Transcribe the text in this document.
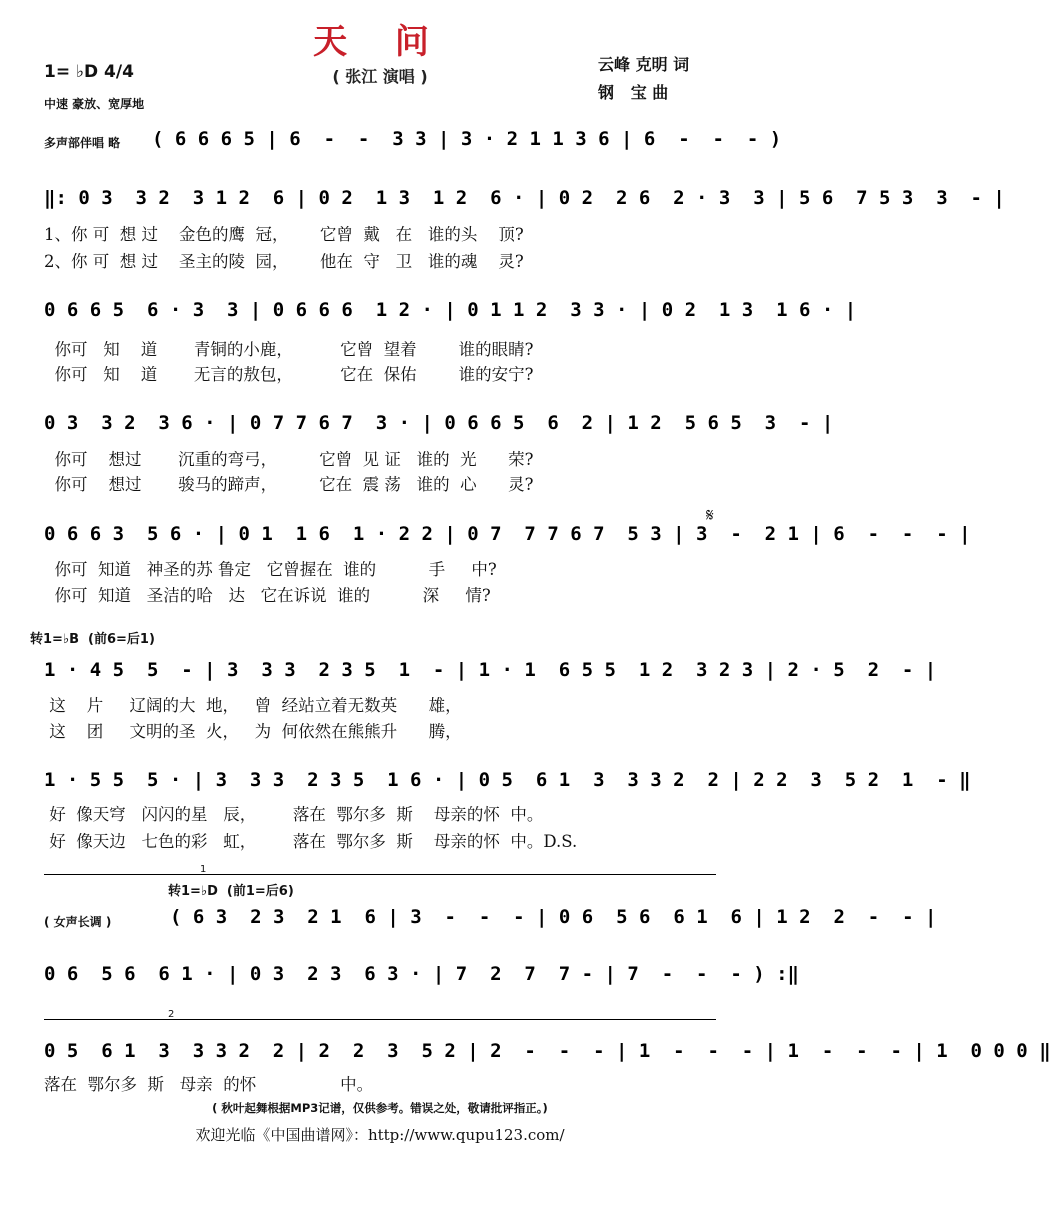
天 问
( 张江 演唱 )
云峰 克明 词
钢   宝 曲
1= ♭D 4/4
中速 豪放、宽厚地
多声部伴唱 略 ( 6 6 6 5 | 6  -  -  3 3 | 3 · 2 1 1 3 6 | 6  -  -  - )
‖: 0 3  3 2  3 1 2  6 | 0 2  1 3  1 2  6 · | 0 2  2 6  2 · 3  3 | 5 6  7 5 3  3  - |
1、你 可  想 过    金色的鹰  冠，      它曾  戴   在   谁的头    顶?
2、你 可  想 过    圣主的陵  园，      他在  守   卫   谁的魂    灵?
0 6 6 5  6 · 3  3 | 0 6 6 6  1 2 · | 0 1 1 2  3 3 · | 0 2  1 3  1 6 · |
你可   知    道       青铜的小鹿，         它曾  望着        谁的眼睛?
你可   知    道       无言的敖包，         它在  保佑        谁的安宁?
0 3  3 2  3 6 · | 0 7 7 6 7  3 · | 0 6 6 5  6  2 | 1 2  5 6 5  3  - |
你可    想过       沉重的弯弓，        它曾  见 证   谁的  光      荣?
你可    想过       骏马的蹄声，        它在  震 荡   谁的  心      灵?
0 6 6 3  5 6 · | 0 1  1 6  1 · 2 2 | 0 7  7 7 6 7  5 3 | 3  -  2 1 | 6  -  -  - |
你可  知道   神圣的苏 鲁定   它曾握在  谁的          手     中?
你可  知道   圣洁的哈   达   它在诉说  谁的          深     情?
𝄋
转1=♭B  (前6=后1)
1 · 4 5  5  - | 3  3 3  2 3 5  1  - | 1 · 1  6 5 5  1 2  3 2 3 | 2 · 5  2  - |
这    片     辽阔的大  地，   曾  经站立着无数英      雄，
这    团     文明的圣  火，   为  何依然在熊熊升      腾，
1 · 5 5  5 · | 3  3 3  2 3 5  1 6 · | 0 5  6 1  3  3 3 2  2 | 2 2  3  5 2  1  - ‖
好  像天穹   闪闪的星   辰，       落在  鄂尔多  斯    母亲的怀  中。
好  像天边   七色的彩   虹，       落在  鄂尔多  斯    母亲的怀  中。D.S.
1
转1=♭D  (前1=后6)
( 女声长调 )	( 6 3  2 3  2 1  6 | 3  -  -  - | 0 6  5 6  6 1  6 | 1 2  2  -  - |
0 6  5 6  6 1 · | 0 3  2 3  6 3 · | 7  2  7  7 - | 7  -  -  - ) :‖
2
0 5  6 1  3  3 3 2  2 | 2  2  3  5 2 | 2  -  -  - | 1  -  -  - | 1  -  -  - | 1  0 0 0 ‖
落在  鄂尔多  斯   母亲  的怀                中。
( 秋叶起舞根据MP3记谱，仅供参考。错误之处，敬请批评指正。)
欢迎光临《中国曲谱网》：http://www.qupu123.com/
